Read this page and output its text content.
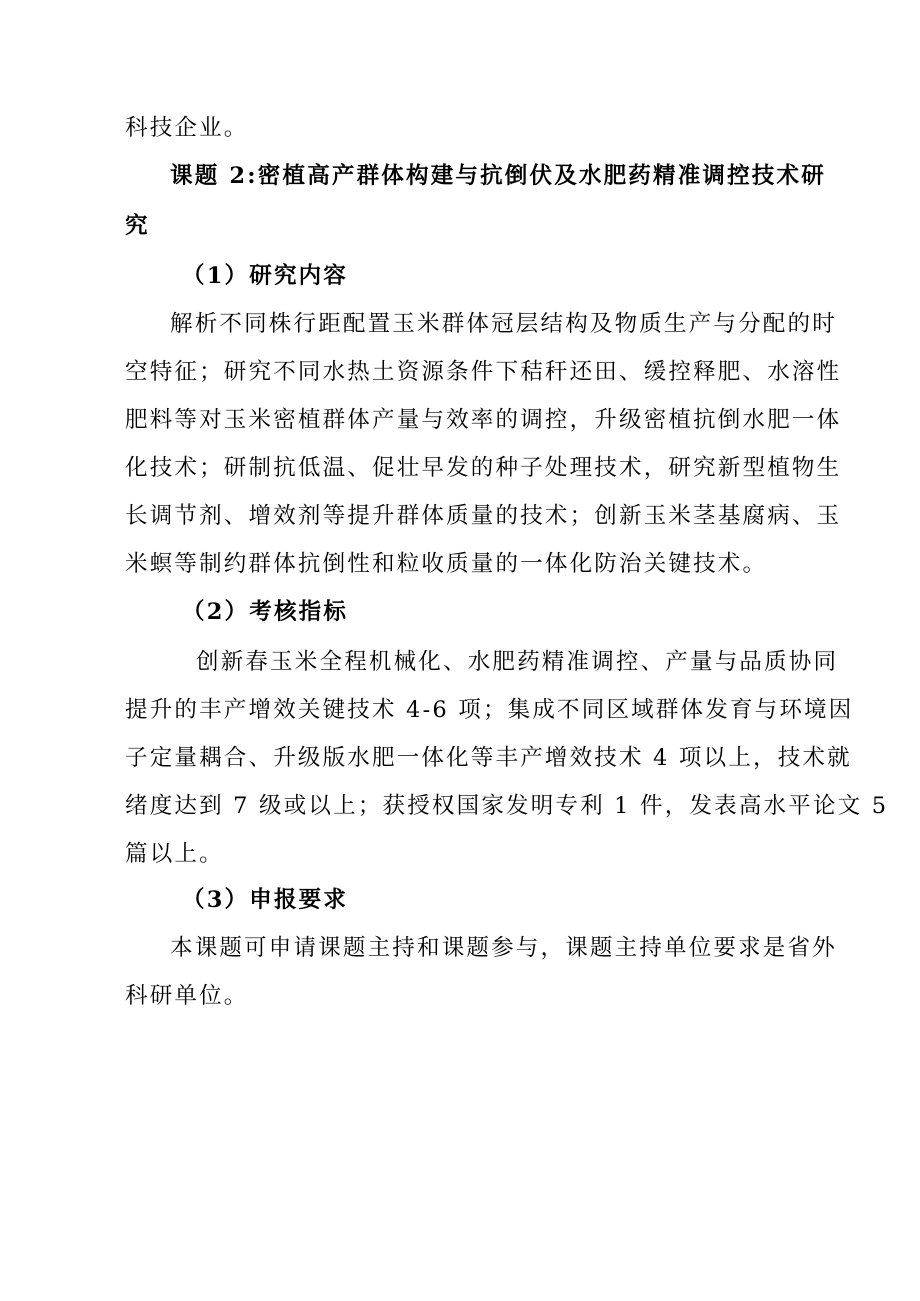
科技企业。
课题 2:密植高产群体构建与抗倒伏及水肥药精准调控技术研
究
（1）研究内容
解析不同株行距配置玉米群体冠层结构及物质生产与分配的时
空特征；研究不同水热土资源条件下秸秆还田、缓控释肥、水溶性
肥料等对玉米密植群体产量与效率的调控，升级密植抗倒水肥一体
化技术；研制抗低温、促壮早发的种子处理技术，研究新型植物生
长调节剂、增效剂等提升群体质量的技术；创新玉米茎基腐病、玉
米螟等制约群体抗倒性和粒收质量的一体化防治关键技术。
（2）考核指标
创新春玉米全程机械化、水肥药精准调控、产量与品质协同
提升的丰产增效关键技术 4-6 项；集成不同区域群体发育与环境因
子定量耦合、升级版水肥一体化等丰产增效技术 4 项以上，技术就
绪度达到 7 级或以上；获授权国家发明专利 1 件，发表高水平论文 5
篇以上。
（3）申报要求
本课题可申请课题主持和课题参与，课题主持单位要求是省外
科研单位。
